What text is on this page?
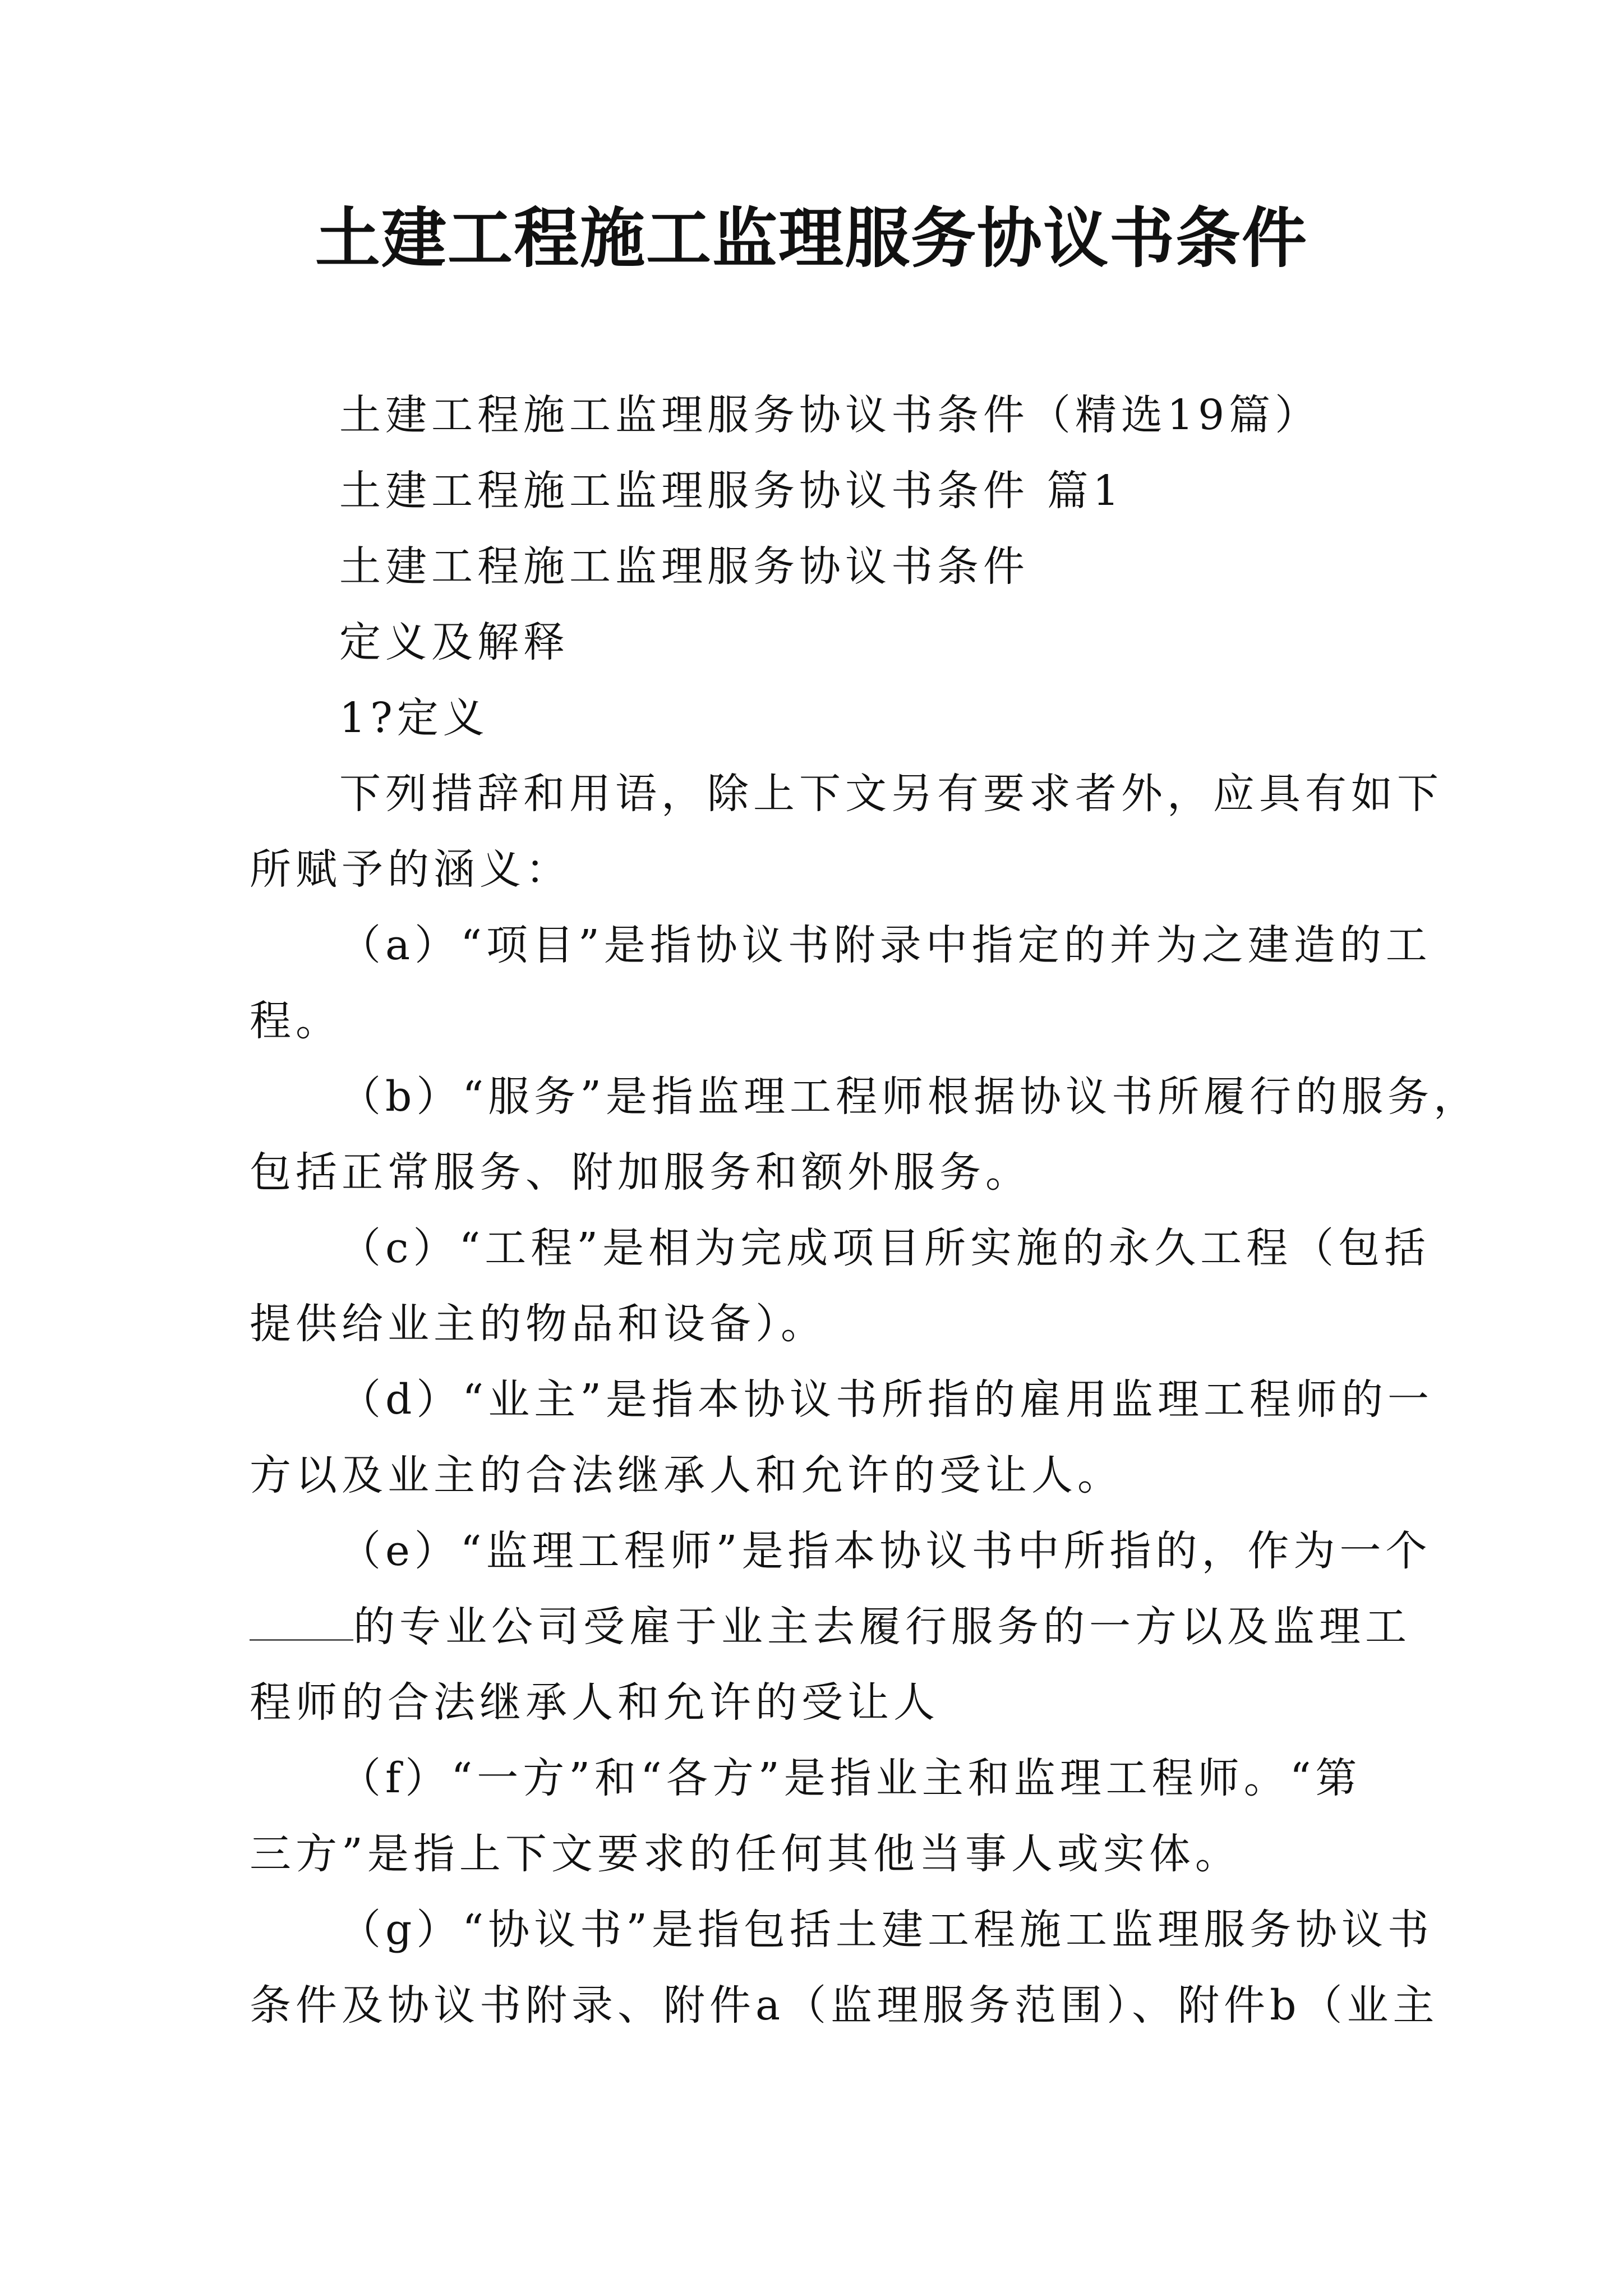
土建工程施工监理服务协议书条件
土建工程施工监理服务协议书条件（精选19篇）
土建工程施工监理服务协议书条件 篇1
土建工程施工监理服务协议书条件
定义及解释
1?定义
下列措辞和用语，除上下文另有要求者外，应具有如下
所赋予的涵义：
（a）“项目”是指协议书附录中指定的并为之建造的工
程。
（b）“服务”是指监理工程师根据协议书所履行的服务，
包括正常服务、附加服务和额外服务。
（c）“工程”是相为完成项目所实施的永久工程（包括
提供给业主的物品和设备）。
（d）“业主”是指本协议书所指的雇用监理工程师的一
方以及业主的合法继承人和允许的受让人。
（e）“监理工程师”是指本协议书中所指的，作为一个
的专业公司受雇于业主去履行服务的一方以及监理工
程师的合法继承人和允许的受让人
（f）“一方”和“各方”是指业主和监理工程师。“第
三方”是指上下文要求的任何其他当事人或实体。
（g）“协议书”是指包括土建工程施工监理服务协议书
条件及协议书附录、附件a（监理服务范围）、附件b（业主
